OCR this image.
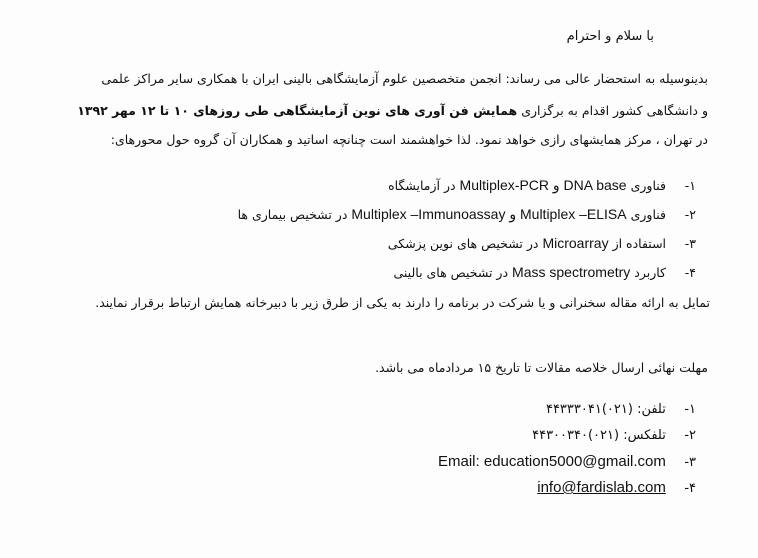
با سلام و احترام
بدینوسیله به استحضار عالی می رساند: انجمن متخصصین علوم آزمایشگاهی بالینی ایران با همکاری سایر مراکز علمی
و دانشگاهی کشور اقدام به برگزاری همایش فن آوری های نوین آزمایشگاهی طی روزهای ۱۰ تا ۱۲ مهر ۱۳۹۲
در تهران ، مرکز همایشهای رازی خواهد نمود. لذا خواهشمند است چنانچه اساتید و همکاران آن گروه حول محورهای:
۱- فناوری Multiplex-PCR و DNA base در آزمایشگاه
۲- فناوری Multiplex –Immunoassay و Multiplex –ELISA در تشخیص بیماری ها
۳- استفاده از Microarray در تشخیص های نوین پزشکی
۴- کاربرد Mass spectrometry در تشخیص های بالینی
تمایل به ارائه مقاله سخنرانی و یا شرکت در برنامه را دارند به یکی از طرق زیر با دبیرخانه همایش ارتباط برقرار نمایند.
مهلت نهائی ارسال خلاصه مقالات تا تاریخ ۱۵ مردادماه می باشد.
۱- تلفن: (۰۲۱)۴۴۳۳۳۰۴۱
۲- تلفکس: (۰۲۱)۴۴۳۰۰۳۴۰
۳- Email: education5000@gmail.com
۴- info@fardislab.com
